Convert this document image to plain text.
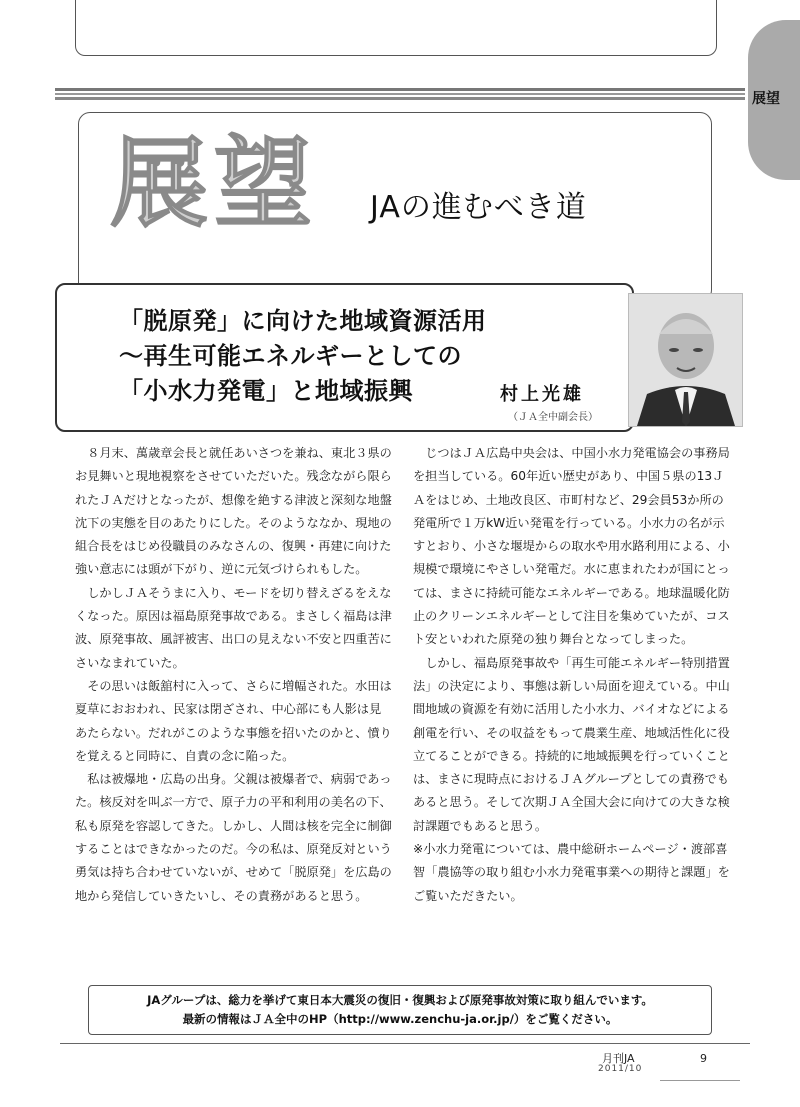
展望
展望 JAの進むべき道
「脱原発」に向けた地域資源活用
～再生可能エネルギーとしての
「小水力発電」と地域振興	村上光雄
（ＪＡ全中副会長）

８月末、萬歳章会長と就任あいさつを兼ね、東北３県のお見舞いと現地視察をさせていただいた。残念ながら限られたＪＡだけとなったが、想像を絶する津波と深刻な地盤沈下の実態を目のあたりにした。そのようななか、現地の組合長をはじめ役職員のみなさんの、復興・再建に向けた強い意志には頭が下がり、逆に元気づけられもした。

しかしＪＡそうまに入り、モードを切り替えざるをえなくなった。原因は福島原発事故である。まさしく福島は津波、原発事故、風評被害、出口の見えない不安と四重苦にさいなまれていた。

その思いは飯舘村に入って、さらに増幅された。水田は夏草におおわれ、民家は閉ざされ、中心部にも人影は見あたらない。だれがこのような事態を招いたのかと、憤りを覚えると同時に、自責の念に陥った。

私は被爆地・広島の出身。父親は被爆者で、病弱であった。核反対を叫ぶ一方で、原子力の平和利用の美名の下、私も原発を容認してきた。しかし、人間は核を完全に制御することはできなかったのだ。今の私は、原発反対という勇気は持ち合わせていないが、せめて「脱原発」を広島の地から発信していきたいし、その責務があると思う。

じつはＪＡ広島中央会は、中国小水力発電協会の事務局を担当している。60年近い歴史があり、中国５県の13ＪＡをはじめ、土地改良区、市町村など、29会員53か所の発電所で１万kW近い発電を行っている。小水力の名が示すとおり、小さな堰堤からの取水や用水路利用による、小規模で環境にやさしい発電だ。水に恵まれたわが国にとっては、まさに持続可能なエネルギーである。地球温暖化防止のクリーンエネルギーとして注目を集めていたが、コスト安といわれた原発の独り舞台となってしまった。

しかし、福島原発事故や「再生可能エネルギー特別措置法」の決定により、事態は新しい局面を迎えている。中山間地域の資源を有効に活用した小水力、バイオなどによる創電を行い、その収益をもって農業生産、地域活性化に役立てることができる。持続的に地域振興を行っていくことは、まさに現時点におけるＪＡグループとしての責務でもあると思う。そして次期ＪＡ全国大会に向けての大きな検討課題でもあると思う。

※小水力発電については、農中総研ホームページ・渡部喜智「農協等の取り組む小水力発電事業への期待と課題」をご覧いただきたい。

JAグループは、総力を挙げて東日本大震災の復旧・復興および原発事故対策に取り組んでいます。
最新の情報はＪＡ全中のHP（http://www.zenchu-ja.or.jp/）をご覧ください。
月刊JA
2011/10
9
